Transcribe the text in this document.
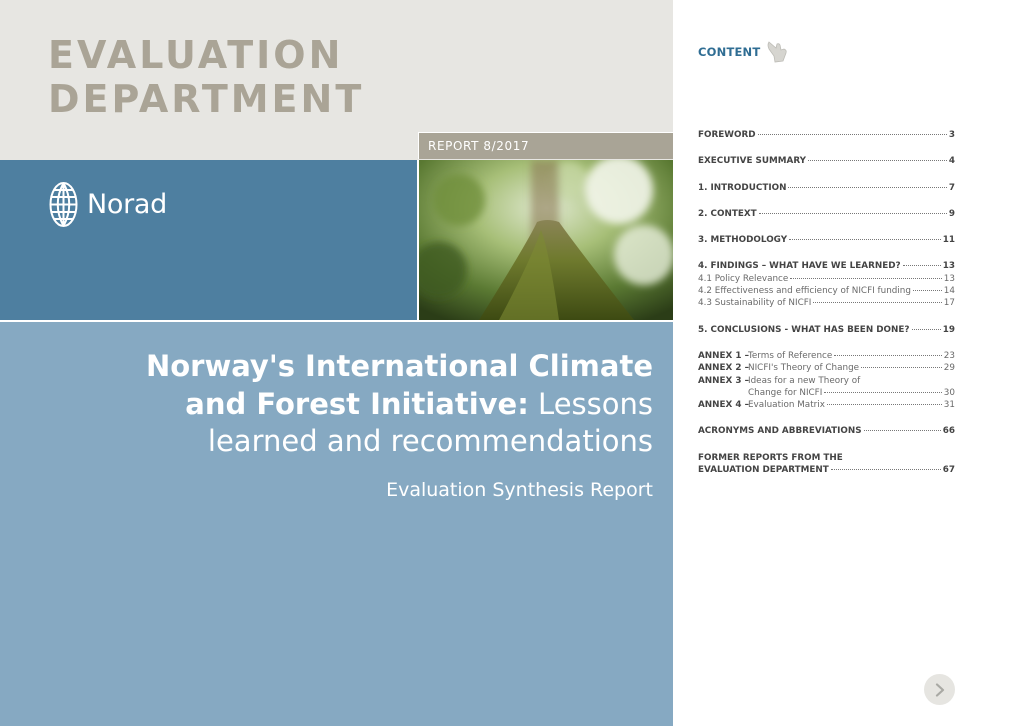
EVALUATION DEPARTMENT
REPORT 8/2017
Norad
Norway's International Climate
and Forest Initiative: Lessons
learned and recommendations
Evaluation Synthesis Report
CONTENT
FOREWORD	3
EXECUTIVE SUMMARY	4
1. INTRODUCTION	7
2. CONTEXT	9
3. METHODOLOGY	11
4. FINDINGS – WHAT HAVE WE LEARNED?	13
4.1 Policy Relevance	13
4.2 Effectiveness and efficiency of NICFI funding	14
4.3 Sustainability of NICFI	17
5. CONCLUSIONS - WHAT HAS BEEN DONE?	19
ANNEX 1 –Terms of Reference	23
ANNEX 2 –NICFI's Theory of Change	29
ANNEX 3 –Ideas for a new Theory of
Change for NICFI	30
ANNEX 4 –Evaluation Matrix	31
ACRONYMS AND ABBREVIATIONS	66
FORMER REPORTS FROM THE
EVALUATION DEPARTMENT	67
